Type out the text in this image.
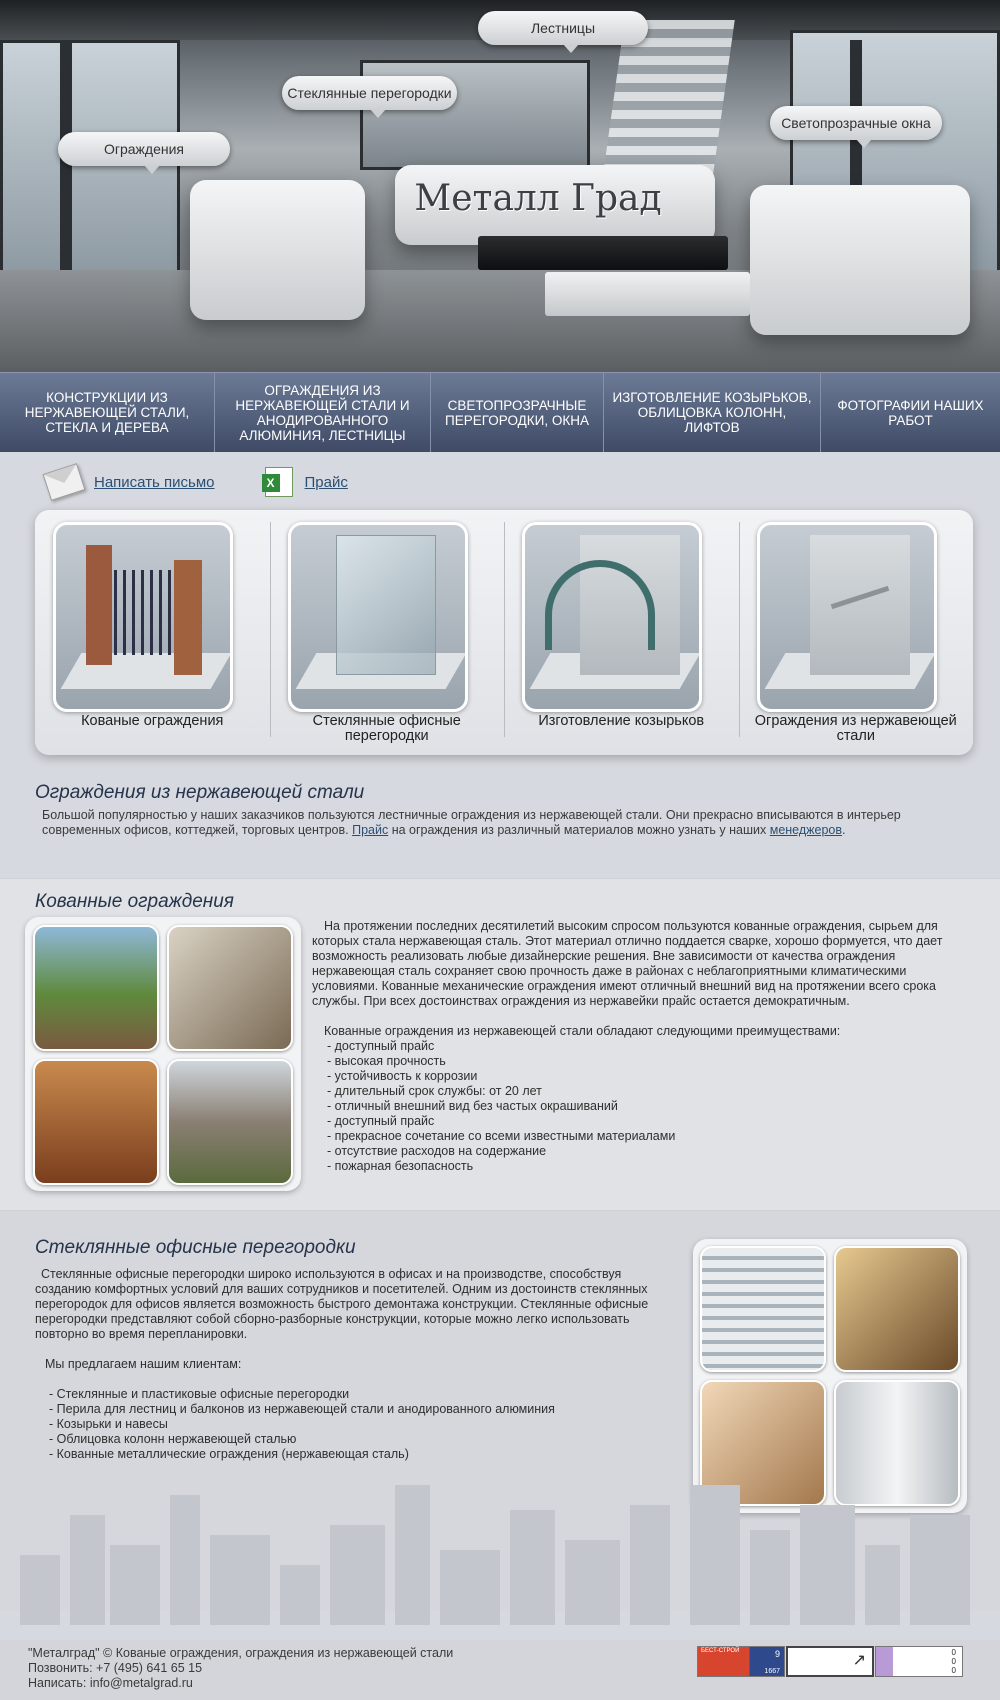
Металл Град
Лестницы
Стеклянные перегородки
Ограждения
Светопрозрачные окна
КОНСТРУКЦИИ ИЗ НЕРЖАВЕЮЩЕЙ СТАЛИ, СТЕКЛА И ДЕРЕВА
ОГРАЖДЕНИЯ ИЗ НЕРЖАВЕЮЩЕЙ СТАЛИ И АНОДИРОВАННОГО АЛЮМИНИЯ, ЛЕСТНИЦЫ
СВЕТОПРОЗРАЧНЫЕ ПЕРЕГОРОДКИ, ОКНА
ИЗГОТОВЛЕНИЕ КОЗЫРЬКОВ, ОБЛИЦОВКА КОЛОНН, ЛИФТОВ
ФОТОГРАФИИ НАШИХ РАБОТ
Написать письмо	X	Прайс
Кованые ограждения	Стеклянные офисные перегородки
Изготовление козырьков	Ограждения из нержавеющей стали
Ограждения из нержавеющей стали

Большой популярностью у наших заказчиков пользуются лестничные ограждения из нержавеющей стали. Они прекрасно вписываются в интерьер современных офисов, коттеджей, торговых центров. Прайс на ограждения из различный материалов можно узнать у наших менеджеров.

Кованные ограждения

На протяжении последних десятилетий высоким спросом пользуются кованные ограждения, сырьем для которых стала нержавеющая сталь. Этот материал отлично поддается сварке, хорошо формуется, что дает возможность реализовать любые дизайнерские решения. Вне зависимости от качества ограждения нержавеющая сталь сохраняет свою прочность даже в районах с неблагоприятными климатическими условиями. Кованные механические ограждения имеют отличный внешний вид на протяжении всего срока службы. При всех достоинствах ограждения из нержавейки прайс остается демократичным.

Кованные ограждения из нержавеющей стали обладают следующими преимуществами:

- доступный прайс
- высокая прочность
- устойчивость к коррозии
- длительный срок службы: от 20 лет
- отличный внешний вид без частых окрашиваний
- доступный прайс
- прекрасное сочетание со всеми известными материалами
- отсутствие расходов на содержание
- пожарная безопасность
Стеклянные офисные перегородки

Стеклянные офисные перегородки широко используются в офисах и на производстве, способствуя созданию комфортных условий для ваших сотрудников и посетителей. Одним из достоинств стеклянных перегородок для офисов является возможность быстрого демонтажа конструкции. Стеклянные офисные перегородки представляют собой сборно-разборные конструкции, которые можно легко использовать повторно во время перепланировки.

Мы предлагаем нашим клиентам:

- Стеклянные и пластиковые офисные перегородки
- Перила для лестниц и балконов из нержавеющей стали и анодированного алюминия
- Козырьки и навесы
- Облицовка колонн нержавеющей сталью
- Кованные металлические ограждения (нержавеющая сталь)
"Металград" © Кованые ограждения, ограждения из нержавеющей стали
Позвонить: +7 (495) 641 65 15
Написать: info@metalgrad.ru
БЕСТ-СТРОЙ	9
1667
↗	0
0
0
